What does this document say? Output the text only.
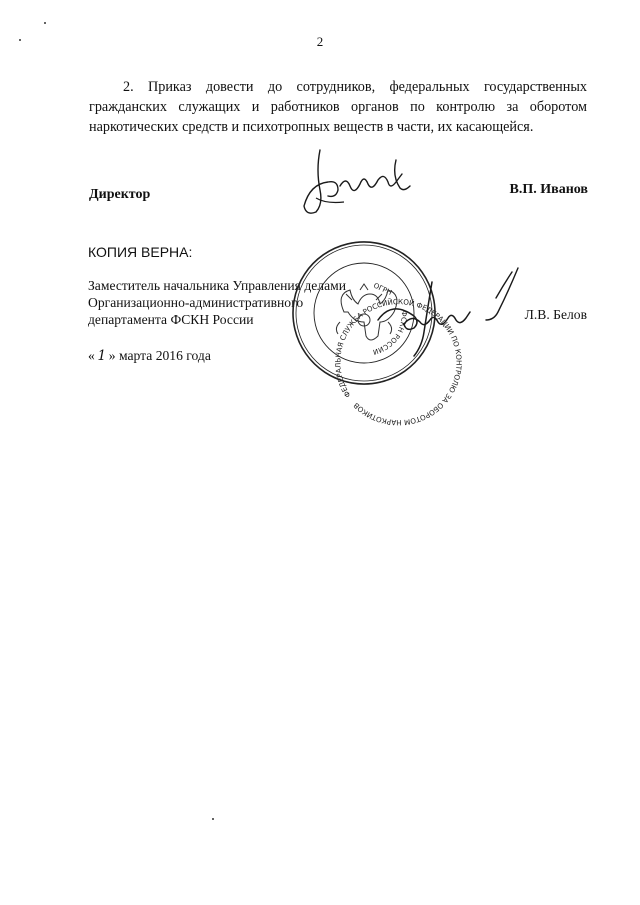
2
2. Приказ довести до сотрудников, федеральных государственных гражданских служащих и работников органов по контролю за оборотом наркотических средств и психотропных веществ в части, их касающейся.
Директор	В.П. Иванов
КОПИЯ ВЕРНА:
Заместитель начальника Управления делами
Организационно-административного
департамента ФСКН России	Л.В. Белов
« 1 » марта 2016 года
ФЕДЕРАЛЬНАЯ СЛУЖБА РОССИЙСКОЙ ФЕДЕРАЦИИ ПО КОНТРОЛЮ ЗА ОБОРОТОМ НАРКОТИКОВ
ФСКН РОССИИ
ОГРН
